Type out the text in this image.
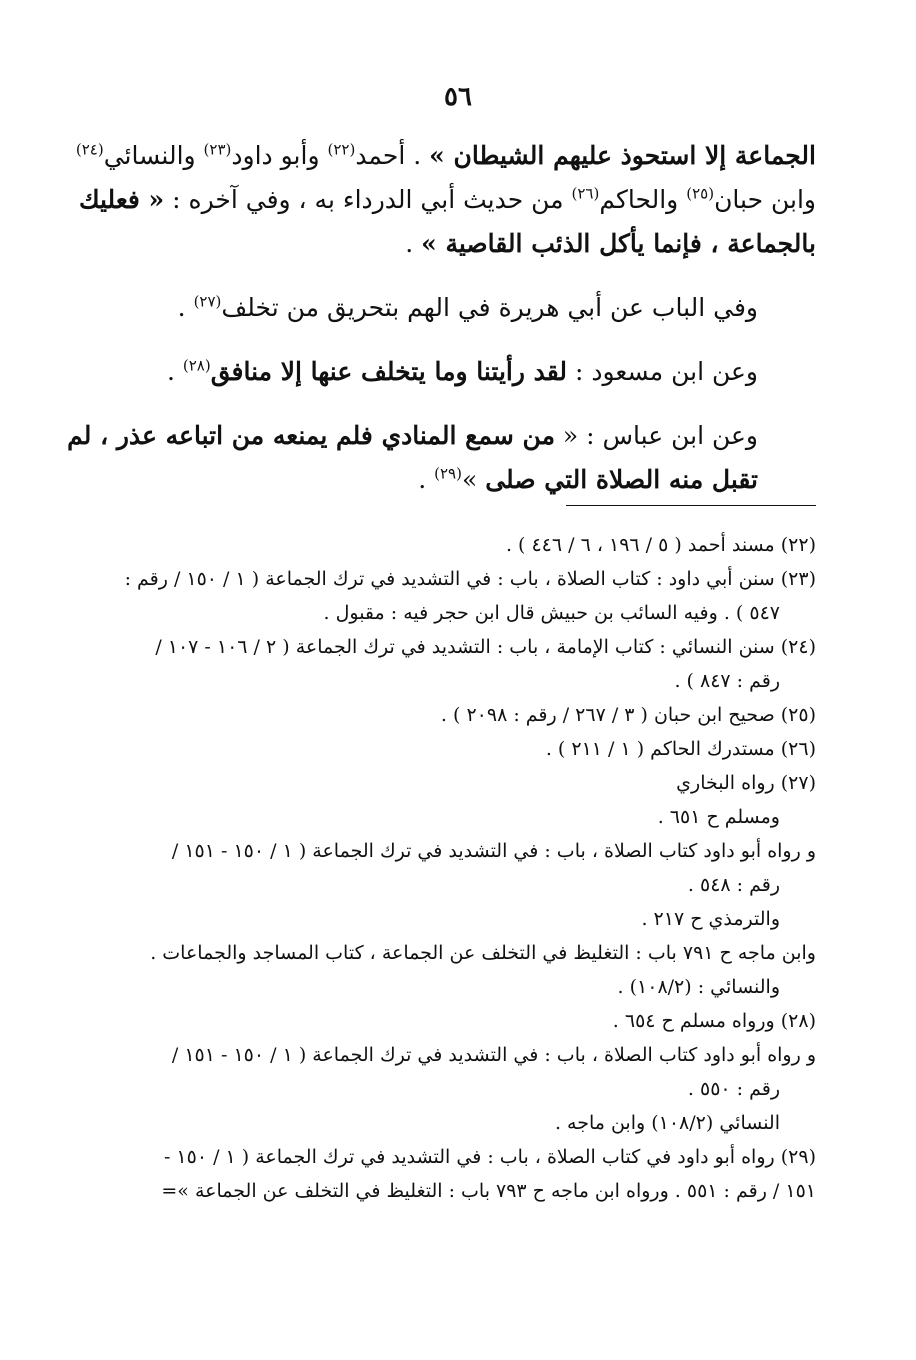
٥٦

الجماعة إلا استحوذ عليهم الشيطان » . أحمد$^{(٢٢)}$ وأبو داود$^{(٢٣)}$ والنسائي$^{(٢٤)}$ وابن حبان$^{(٢٥)}$ والحاكم$^{(٢٦)}$ من حديث أبي الدرداء به ، وفي آخره : « فعليك بالجماعة ، فإنما يأكل الذئب القاصية » .

وفي الباب عن أبي هريرة في الهم بتحريق من تخلف$^{(٢٧)}$ .

وعن ابن مسعود : لقد رأيتنا وما يتخلف عنها إلا منافق$^{(٢٨)}$ .

وعن ابن عباس : « من سمع المنادي فلم يمنعه من اتباعه عذر ، لم تقبل منه الصلاة التي صلى »$^{(٢٩)}$ .

(٢٢) مسند أحمد ( ٥ / ١٩٦ ، ٦ / ٤٤٦ ) .

(٢٣) سنن أبي داود : كتاب الصلاة ، باب : في التشديد في ترك الجماعة ( ١ / ١٥٠ / رقم :

٥٤٧ ) . وفيه السائب بن حبيش قال ابن حجر فيه : مقبول .

(٢٤) سنن النسائي : كتاب الإمامة ، باب : التشديد في ترك الجماعة ( ٢ / ١٠٦ - ١٠٧ /

رقم : ٨٤٧ ) .

(٢٥) صحيح ابن حبان ( ٣ / ٢٦٧ / رقم : ٢٠٩٨ ) .

(٢٦) مستدرك الحاكم ( ١ / ٢١١ ) .

(٢٧) رواه البخاري

ومسلم ح ٦٥١ .

و رواه أبو داود كتاب الصلاة ، باب : في التشديد في ترك الجماعة ( ١ / ١٥٠ - ١٥١ /

رقم : ٥٤٨ .

والترمذي ح ٢١٧ .

وابن ماجه ح ٧٩١ باب : التغليظ في التخلف عن الجماعة ، كتاب المساجد والجماعات .

والنسائي : (١٠٨/٢) .

(٢٨) ورواه مسلم ح ٦٥٤ .

و رواه أبو داود كتاب الصلاة ، باب : في التشديد في ترك الجماعة ( ١ / ١٥٠ - ١٥١ /

رقم : ٥٥٠ .

النسائي (١٠٨/٢) وابن ماجه .

(٢٩) رواه أبو داود في كتاب الصلاة ، باب : في التشديد في ترك الجماعة ( ١ / ١٥٠ -

١٥١ / رقم : ٥٥١ . ورواه ابن ماجه ح ٧٩٣ باب : التغليظ في التخلف عن الجماعة »=
